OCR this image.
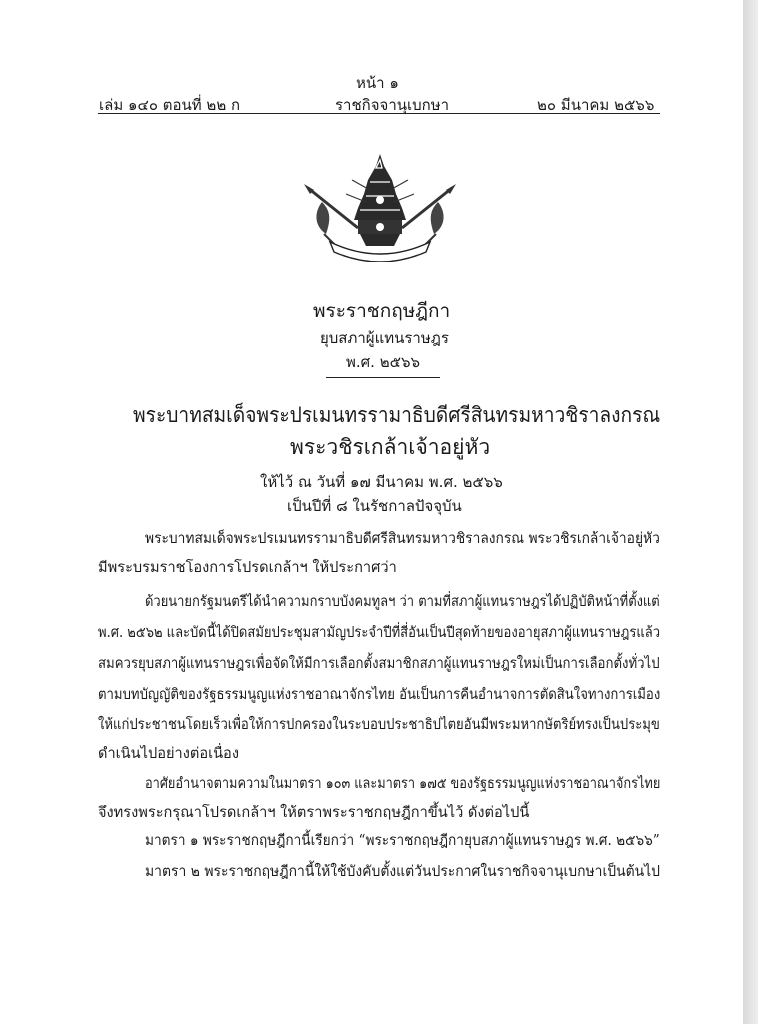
หน้า ๑
เล่ม ๑๔๐ ตอนที่ ๒๒ ก	ราชกิจจานุเบกษา	๒๐ มีนาคม ๒๕๖๖
พระราชกฤษฎีกา
ยุบสภาผู้แทนราษฎร
พ.ศ. ๒๕๖๖
พระบาทสมเด็จพระปรเมนทรรามาธิบดีศรีสินทรมหาวชิราลงกรณ
พระวชิรเกล้าเจ้าอยู่หัว
ให้ไว้ ณ วันที่ ๑๗ มีนาคม พ.ศ. ๒๕๖๖
เป็นปีที่ ๘ ในรัชกาลปัจจุบัน
พระบาทสมเด็จพระปรเมนทรรามาธิบดีศรีสินทรมหาวชิราลงกรณ พระวชิรเกล้าเจ้าอยู่หัว
มีพระบรมราชโองการโปรดเกล้าฯ ให้ประกาศว่า
ด้วยนายกรัฐมนตรีได้นำความกราบบังคมทูลฯ ว่า ตามที่สภาผู้แทนราษฎรได้ปฏิบัติหน้าที่ตั้งแต่
พ.ศ. ๒๕๖๒ และบัดนี้ได้ปิดสมัยประชุมสามัญประจำปีที่สี่อันเป็นปีสุดท้ายของอายุสภาผู้แทนราษฎรแล้ว
สมควรยุบสภาผู้แทนราษฎรเพื่อจัดให้มีการเลือกตั้งสมาชิกสภาผู้แทนราษฎรใหม่เป็นการเลือกตั้งทั่วไป
ตามบทบัญญัติของรัฐธรรมนูญแห่งราชอาณาจักรไทย อันเป็นการคืนอำนาจการตัดสินใจทางการเมือง
ให้แก่ประชาชนโดยเร็วเพื่อให้การปกครองในระบอบประชาธิปไตยอันมีพระมหากษัตริย์ทรงเป็นประมุข
ดำเนินไปอย่างต่อเนื่อง
อาศัยอำนาจตามความในมาตรา ๑๐๓ และมาตรา ๑๗๕ ของรัฐธรรมนูญแห่งราชอาณาจักรไทย
จึงทรงพระกรุณาโปรดเกล้าฯ ให้ตราพระราชกฤษฎีกาขึ้นไว้ ดังต่อไปนี้
มาตรา ๑ พระราชกฤษฎีกานี้เรียกว่า “พระราชกฤษฎีกายุบสภาผู้แทนราษฎร พ.ศ. ๒๕๖๖”
มาตรา ๒ พระราชกฤษฎีกานี้ให้ใช้บังคับตั้งแต่วันประกาศในราชกิจจานุเบกษาเป็นต้นไป
